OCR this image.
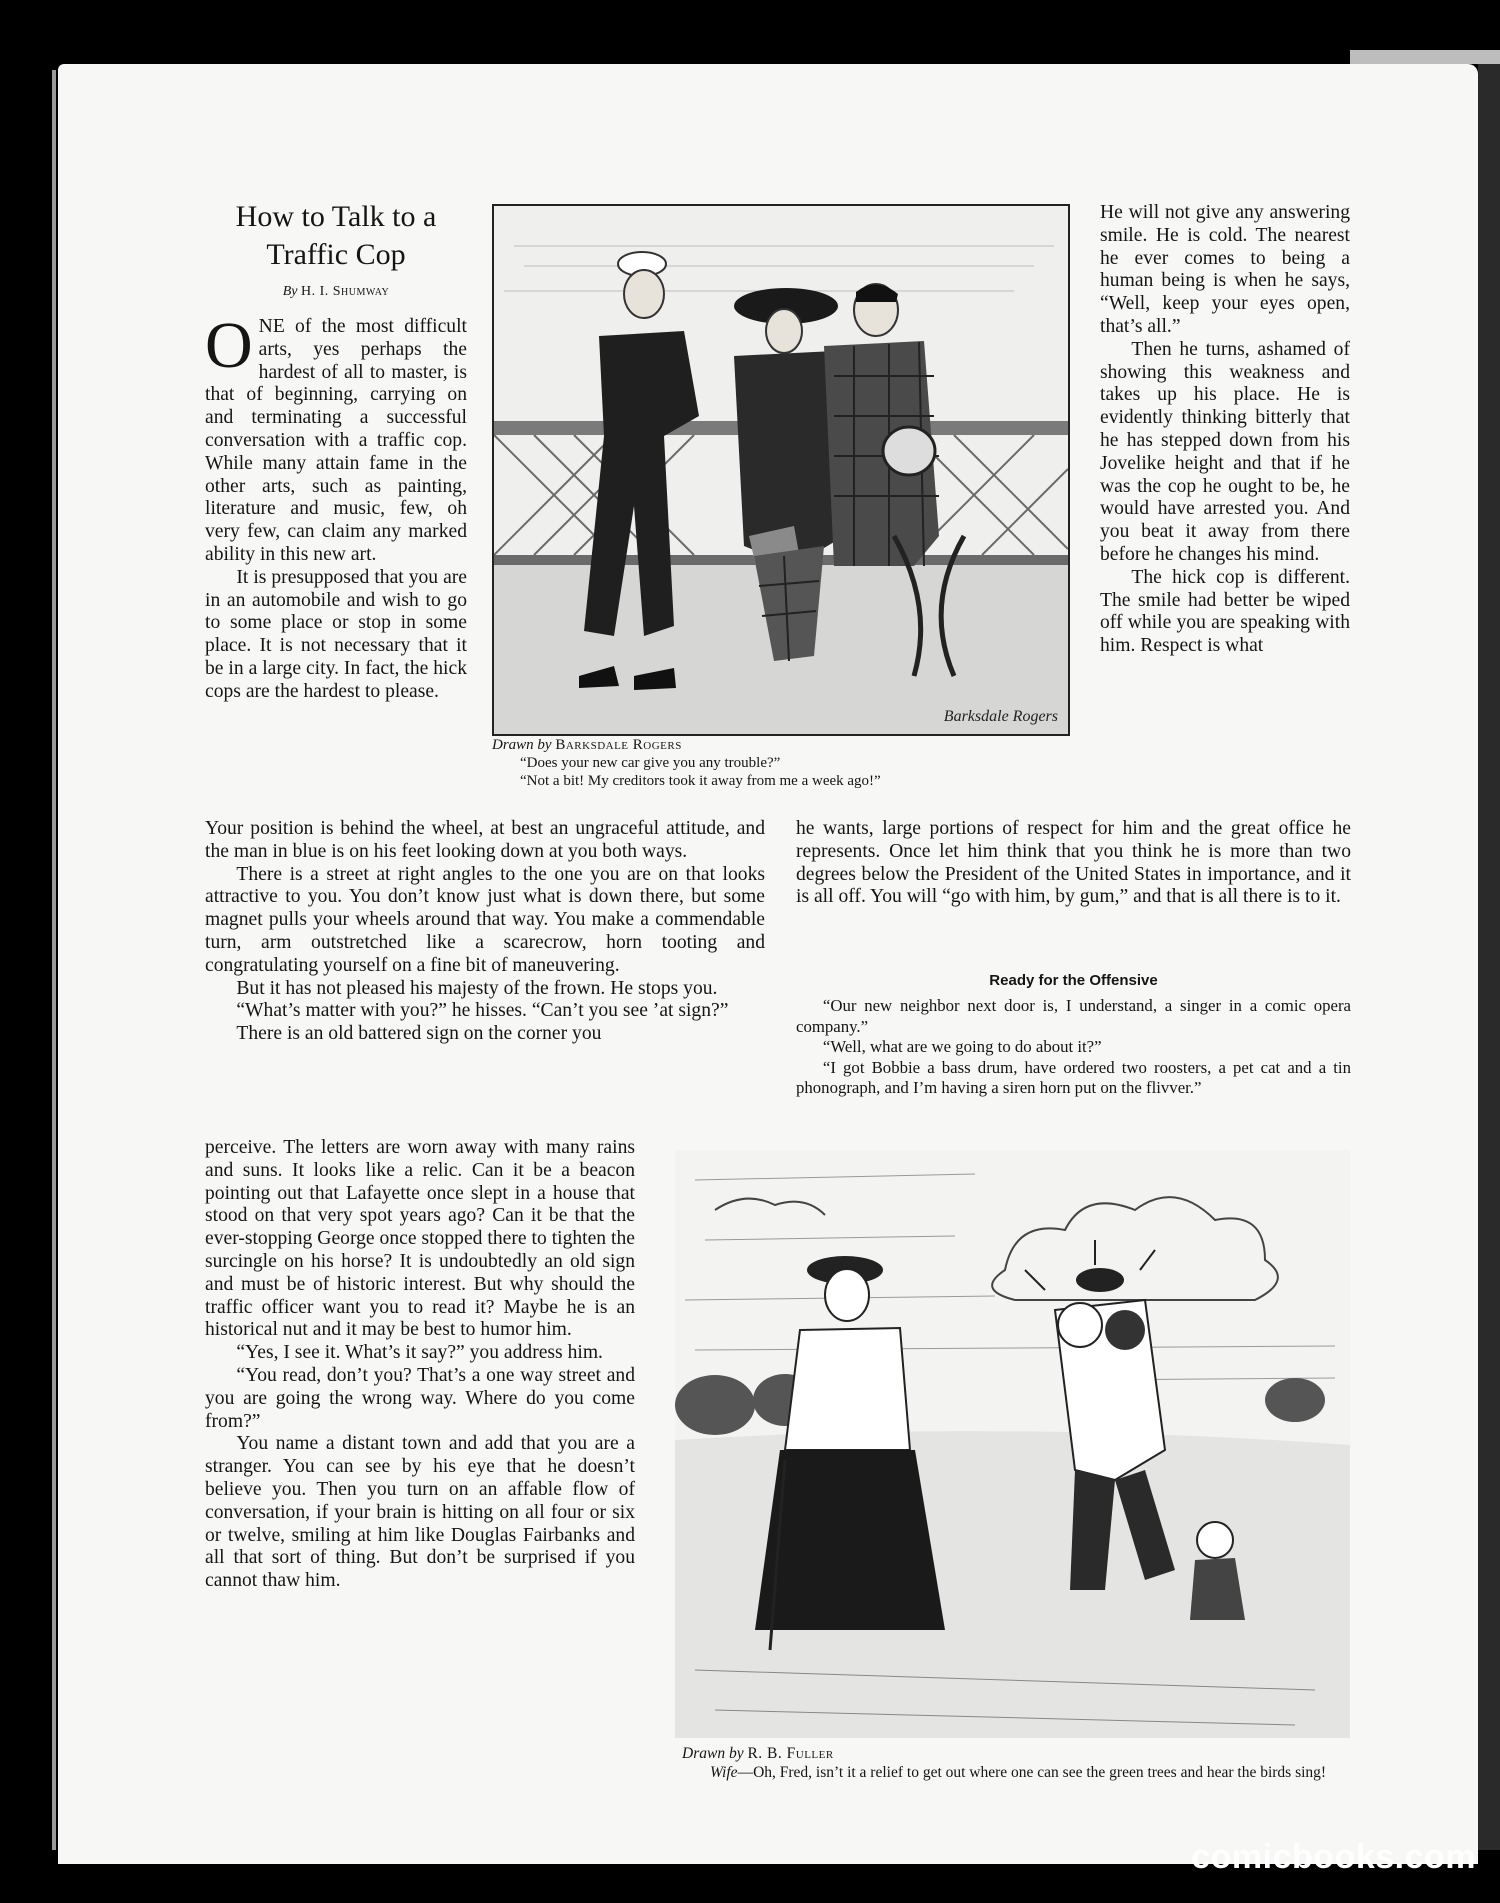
How to Talk to a
Traffic Cop
By H. I. Shumway

ONE of the most difficult arts, yes perhaps the hardest of all to master, is that of beginning, carrying on and terminating a successful conversation with a traffic cop. While many attain fame in the other arts, such as painting, literature and music, few, oh very few, can claim any marked ability in this new art.

It is presupposed that you are in an automobile and wish to go to some place or stop in some place. It is not necessary that it be in a large city. In fact, the hick cops are the hardest to please.

Barksdale Rogers
Drawn by Barksdale Rogers
“Does your new car give you any trouble?”
“Not a bit! My creditors took it away from me a week ago!”

He will not give any answering smile. He is cold. The nearest he ever comes to being a human being is when he says, “Well, keep your eyes open, that’s all.”

Then he turns, ashamed of showing this weakness and takes up his place. He is evidently thinking bitterly that he has stepped down from his Jovelike height and that if he was the cop he ought to be, he would have arrested you. And you beat it away from there before he changes his mind.

The hick cop is different. The smile had better be wiped off while you are speaking with him. Respect is what

Your position is behind the wheel, at best an ungraceful attitude, and the man in blue is on his feet looking down at you both ways.

There is a street at right angles to the one you are on that looks attractive to you. You don’t know just what is down there, but some magnet pulls your wheels around that way. You make a commendable turn, arm outstretched like a scarecrow, horn tooting and congratulating yourself on a fine bit of maneuvering.

But it has not pleased his majesty of the frown. He stops you.

“What’s matter with you?” he hisses. “Can’t you see ’at sign?”

There is an old battered sign on the corner you

perceive. The letters are worn away with many rains and suns. It looks like a relic. Can it be a beacon pointing out that Lafayette once slept in a house that stood on that very spot years ago? Can it be that the ever-stopping George once stopped there to tighten the surcingle on his horse? It is undoubtedly an old sign and must be of historic interest. But why should the traffic officer want you to read it? Maybe he is an historical nut and it may be best to humor him.

“Yes, I see it. What’s it say?” you address him.

“You read, don’t you? That’s a one way street and you are going the wrong way. Where do you come from?”

You name a distant town and add that you are a stranger. You can see by his eye that he doesn’t believe you. Then you turn on an affable flow of conversation, if your brain is hitting on all four or six or twelve, smiling at him like Douglas Fairbanks and all that sort of thing. But don’t be surprised if you cannot thaw him.

he wants, large portions of respect for him and the great office he represents. Once let him think that you think he is more than two degrees below the President of the United States in importance, and it is all off. You will “go with him, by gum,” and that is all there is to it.

Ready for the Offensive

“Our new neighbor next door is, I understand, a singer in a comic opera company.”

“Well, what are we going to do about it?”

“I got Bobbie a bass drum, have ordered two roosters, a pet cat and a tin phonograph, and I’m having a siren horn put on the flivver.”

Drawn by R. B. Fuller
Wife—Oh, Fred, isn’t it a relief to get out where one can see the green trees and hear the birds sing!
comicbooks.com
